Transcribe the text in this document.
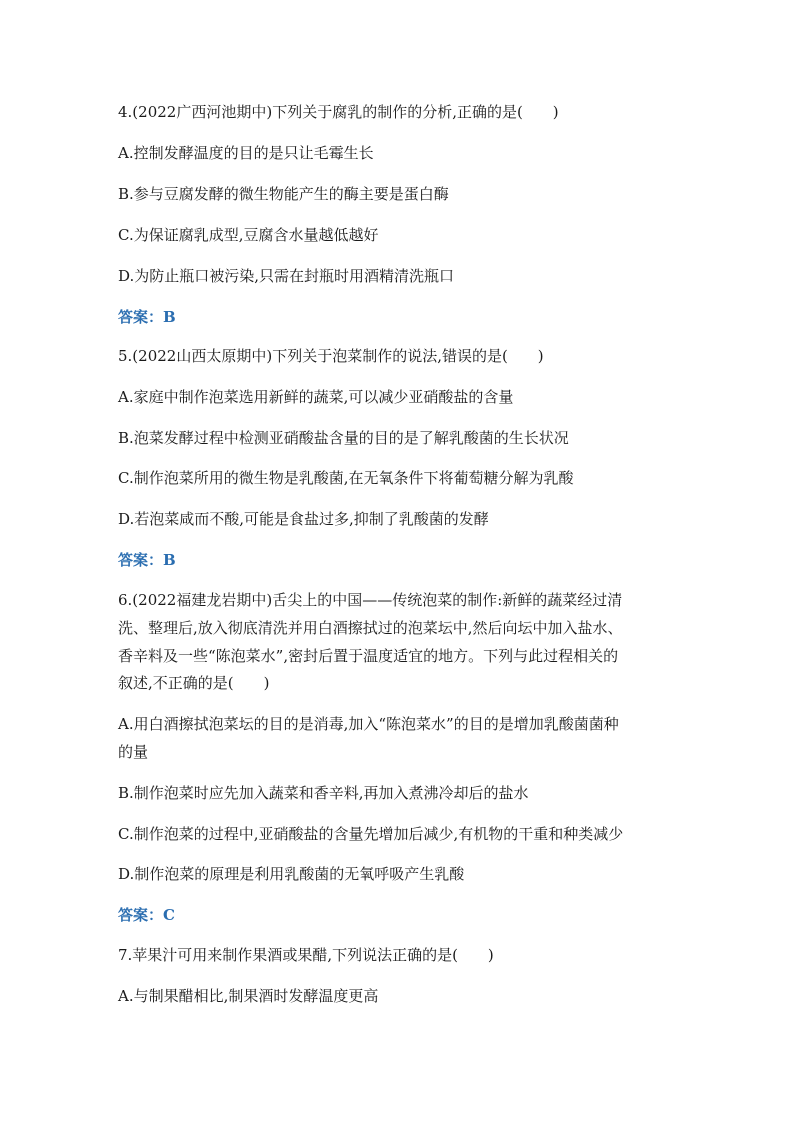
4.(2022广西河池期中)下列关于腐乳的制作的分析,正确的是(　　)
A.控制发酵温度的目的是只让毛霉生长
B.参与豆腐发酵的微生物能产生的酶主要是蛋白酶
C.为保证腐乳成型,豆腐含水量越低越好
D.为防止瓶口被污染,只需在封瓶时用酒精清洗瓶口
答案：B
5.(2022山西太原期中)下列关于泡菜制作的说法,错误的是(　　)
A.家庭中制作泡菜选用新鲜的蔬菜,可以减少亚硝酸盐的含量
B.泡菜发酵过程中检测亚硝酸盐含量的目的是了解乳酸菌的生长状况
C.制作泡菜所用的微生物是乳酸菌,在无氧条件下将葡萄糖分解为乳酸
D.若泡菜咸而不酸,可能是食盐过多,抑制了乳酸菌的发酵
答案：B
6.(2022福建龙岩期中)舌尖上的中国——传统泡菜的制作:新鲜的蔬菜经过清
洗、整理后,放入彻底清洗并用白酒擦拭过的泡菜坛中,然后向坛中加入盐水、
香辛料及一些“陈泡菜水”,密封后置于温度适宜的地方。下列与此过程相关的
叙述,不正确的是(　　)
A.用白酒擦拭泡菜坛的目的是消毒,加入“陈泡菜水”的目的是增加乳酸菌菌种
的量
B.制作泡菜时应先加入蔬菜和香辛料,再加入煮沸冷却后的盐水
C.制作泡菜的过程中,亚硝酸盐的含量先增加后减少,有机物的干重和种类减少
D.制作泡菜的原理是利用乳酸菌的无氧呼吸产生乳酸
答案：C
7.苹果汁可用来制作果酒或果醋,下列说法正确的是(　　)
A.与制果醋相比,制果酒时发酵温度更高
